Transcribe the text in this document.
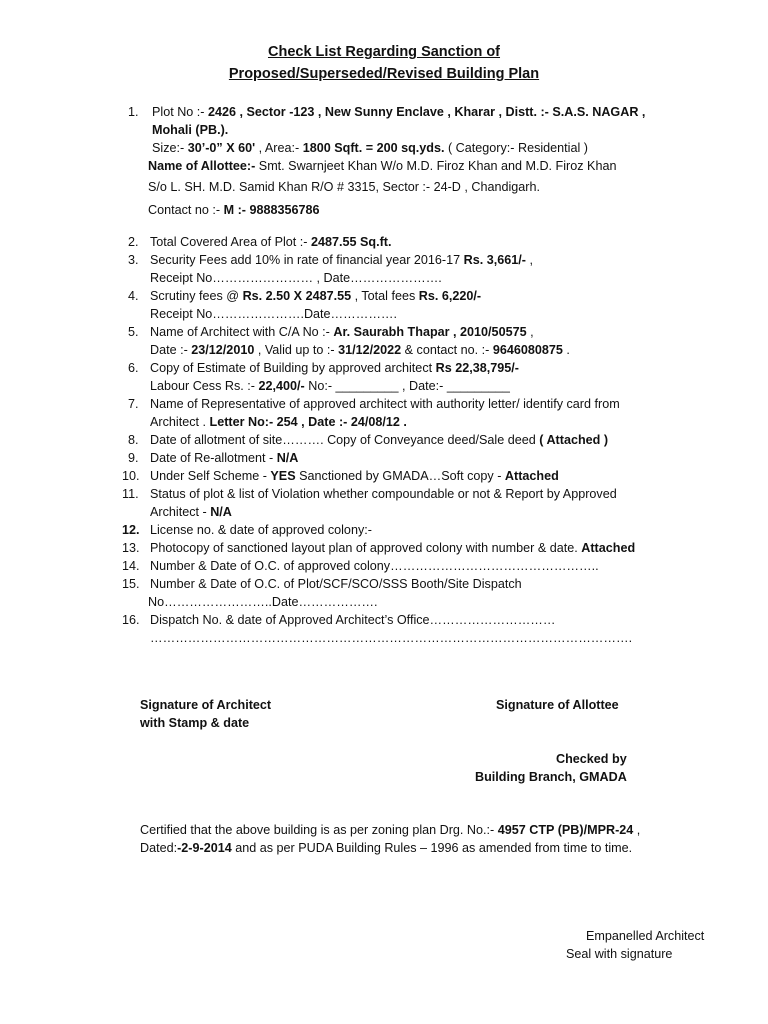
Check List Regarding Sanction of
Proposed/Superseded/Revised Building Plan
1. Plot No :- 2426 , Sector -123 , New Sunny Enclave , Kharar , Distt. :- S.A.S. NAGAR ,
Mohali (PB.).
Size:- 30’-0” X 60' , Area:- 1800 Sqft. = 200 sq.yds. ( Category:- Residential )
Name of Allottee:- Smt. Swarnjeet Khan W/o M.D. Firoz Khan and M.D. Firoz Khan
S/o L. SH. M.D. Samid Khan R/O # 3315, Sector :- 24-D , Chandigarh.
Contact no :- M :- 9888356786
2. Total Covered Area of Plot :- 2487.55 Sq.ft.
3. Security Fees add 10% in rate of financial year 2016-17 Rs. 3,661/- ,
Receipt No…………………… , Date………………….
4. Scrutiny fees @ Rs. 2.50 X 2487.55 , Total fees Rs. 6,220/-
Receipt No………………….Date…………….
5. Name of Architect with C/A No :- Ar. Saurabh Thapar , 2010/50575 ,
Date :- 23/12/2010 , Valid up to :- 31/12/2022 & contact no. :- 9646080875 .
6. Copy of Estimate of Building by approved architect Rs 22,38,795/-
Labour Cess Rs. :- 22,400/- No:- _________ , Date:- _________
7. Name of Representative of approved architect with authority letter/ identify card from
Architect . Letter No:- 254 , Date :- 24/08/12 .
8. Date of allotment of site………. Copy of Conveyance deed/Sale deed ( Attached )
9. Date of Re-allotment - N/A
10. Under Self Scheme - YES Sanctioned by GMADA…Soft copy - Attached
11. Status of plot & list of Violation whether compoundable or not & Report by Approved
Architect - N/A
12. License no. & date of approved colony:-
13. Photocopy of sanctioned layout plan of approved colony with number & date. Attached
14. Number & Date of O.C. of approved colony…………………………………………..
15. Number & Date of O.C. of Plot/SCF/SCO/SSS Booth/Site Dispatch
No……………………..Date……………….
16. Dispatch No. & date of Approved Architect’s Office…………………………
…………………………………………………………………………………………………….
Signature of Architect
with Stamp & date
Signature of Allottee
Checked by
Building Branch, GMADA
Certified that the above building is as per zoning plan Drg. No.:- 4957 CTP (PB)/MPR-24 ,
Dated:-2-9-2014 and as per PUDA Building Rules – 1996 as amended from time to time.
Empanelled Architect
Seal with signature
